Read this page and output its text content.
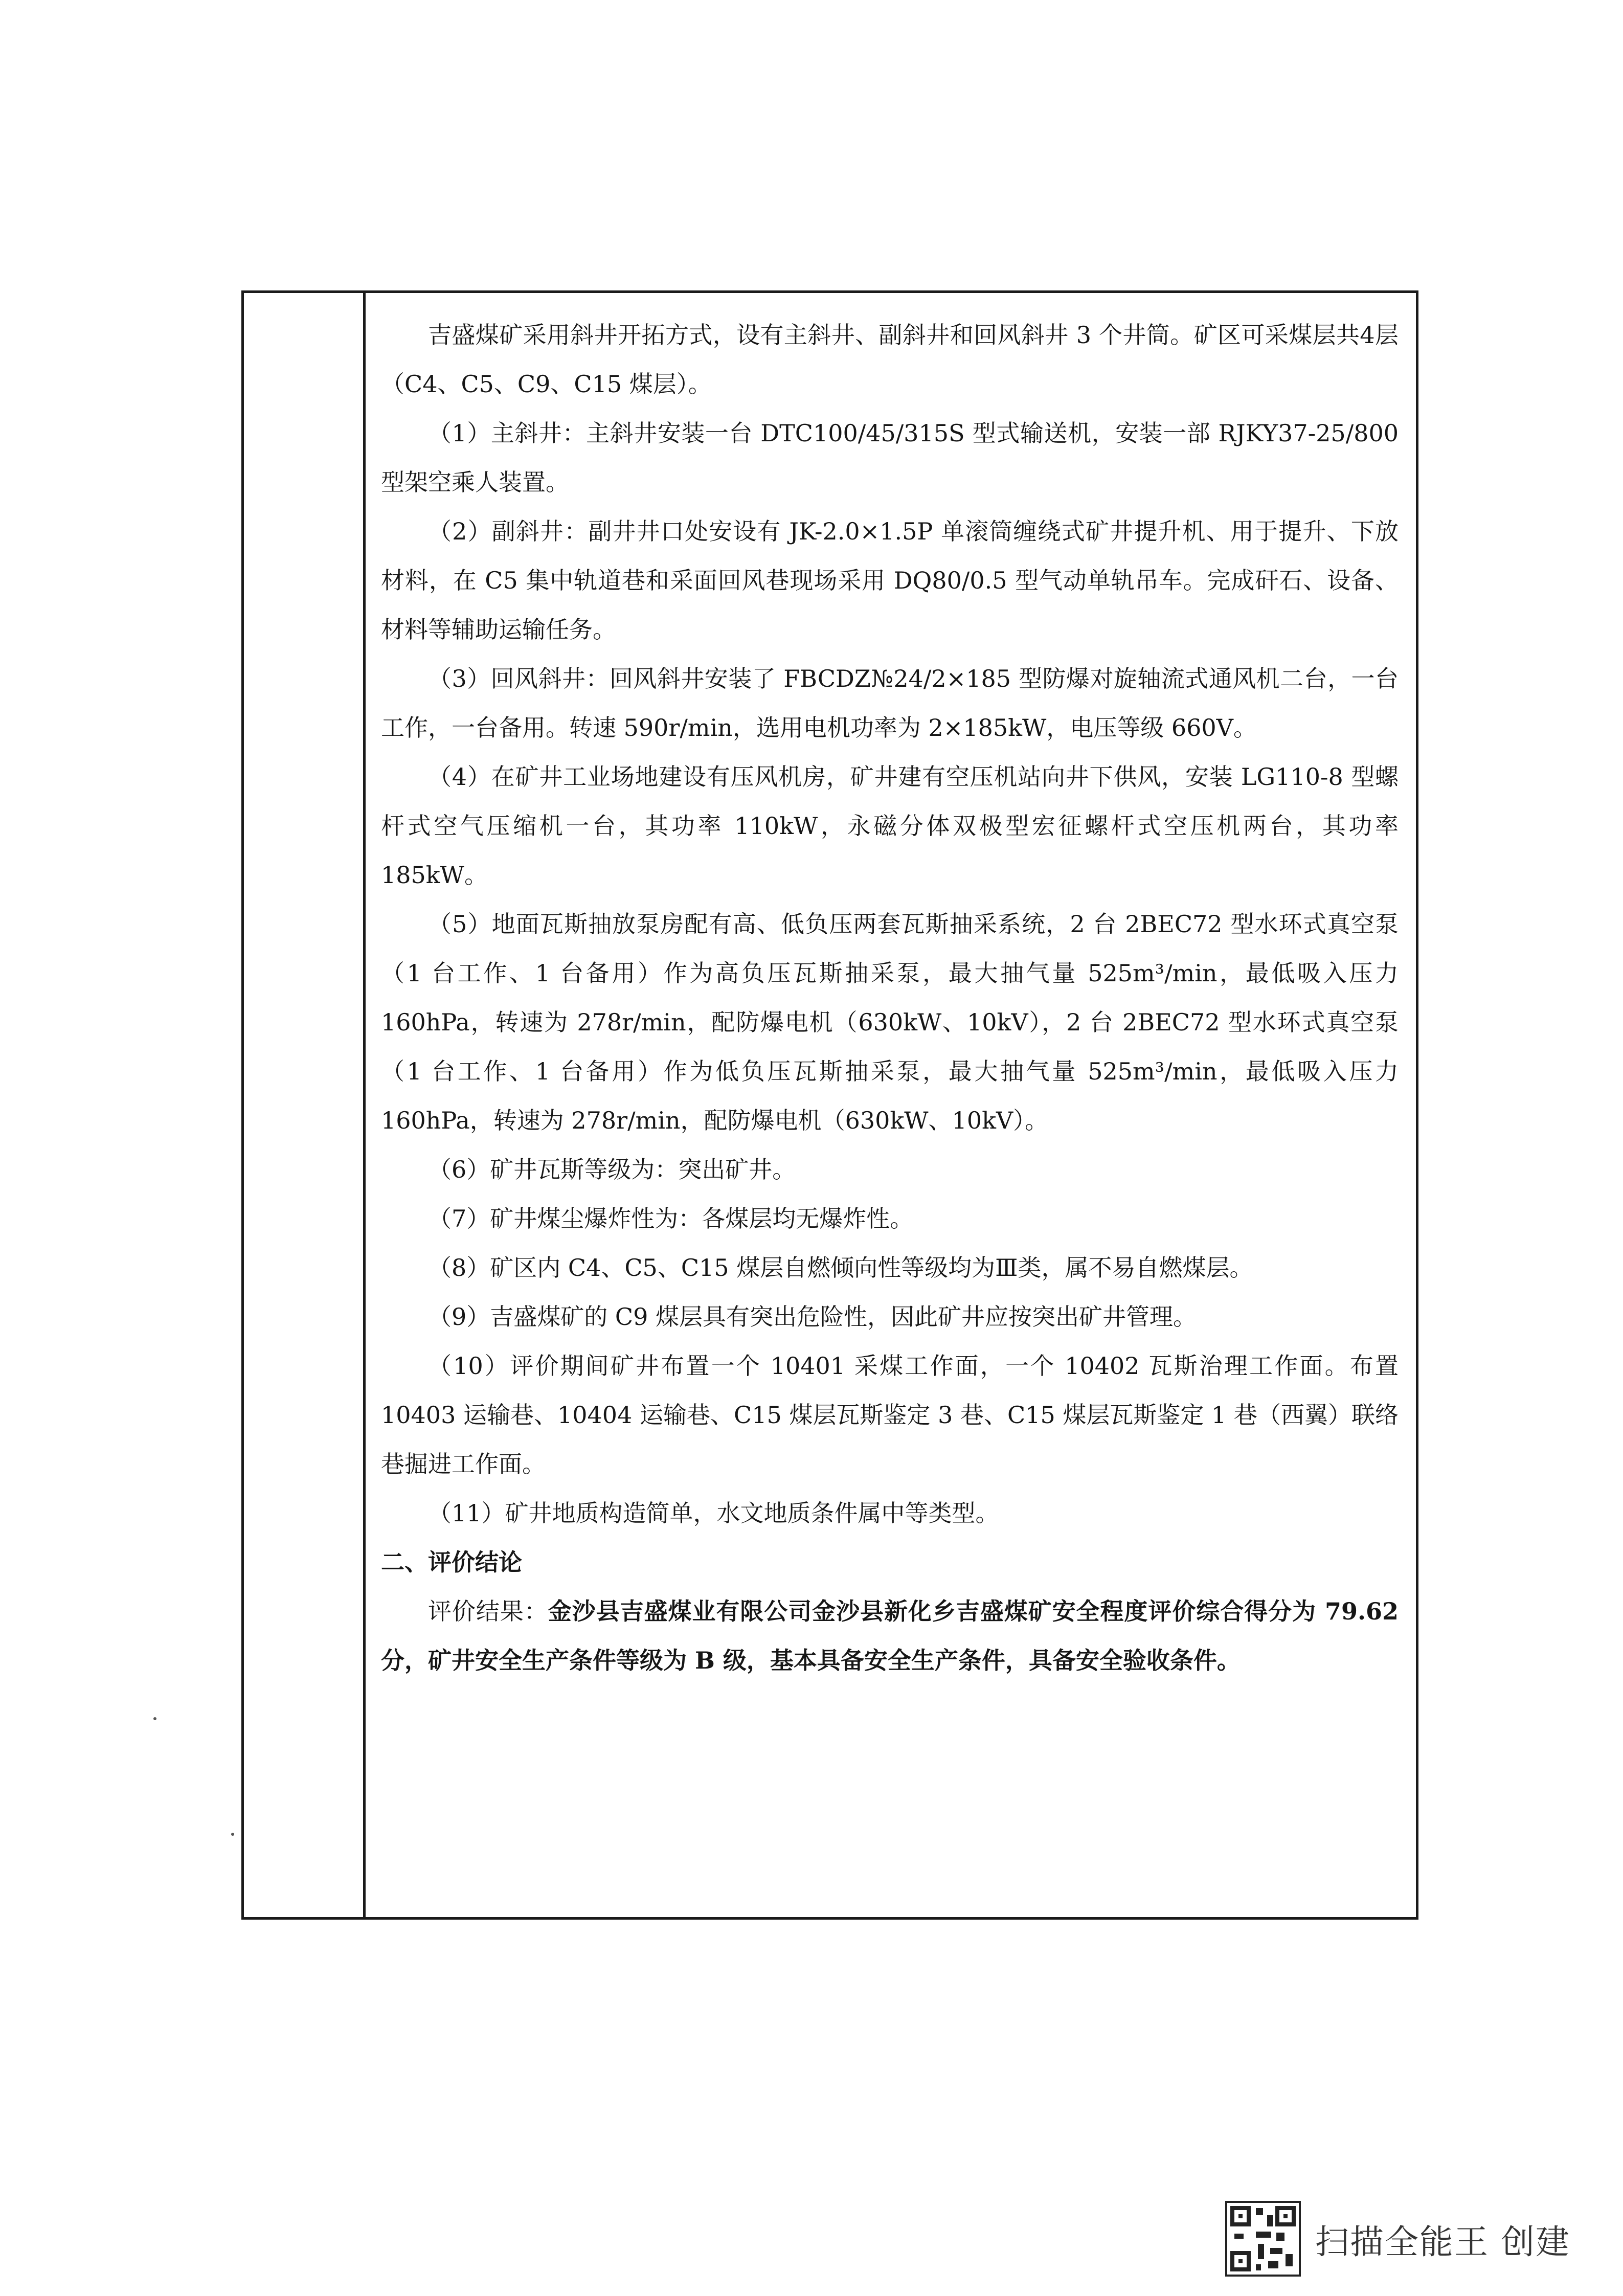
吉盛煤矿采用斜井开拓方式，设有主斜井、副斜井和回风斜井 3 个井筒。矿区可采煤层共4层（C4、C5、C9、C15 煤层）。

（1）主斜井：主斜井安装一台 DTC100/45/315S 型式输送机，安装一部 RJKY37-25/800 型架空乘人装置。

（2）副斜井：副井井口处安设有 JK-2.0×1.5P 单滚筒缠绕式矿井提升机、用于提升、下放材料，在 C5 集中轨道巷和采面回风巷现场采用 DQ80/0.5 型气动单轨吊车。完成矸石、设备、材料等辅助运输任务。

（3）回风斜井：回风斜井安装了 FBCDZ№24/2×185 型防爆对旋轴流式通风机二台，一台工作，一台备用。转速 590r/min，选用电机功率为 2×185kW，电压等级 660V。

（4）在矿井工业场地建设有压风机房，矿井建有空压机站向井下供风，安装 LG110-8 型螺杆式空气压缩机一台，其功率 110kW，永磁分体双极型宏征螺杆式空压机两台，其功率 185kW。

（5）地面瓦斯抽放泵房配有高、低负压两套瓦斯抽采系统，2 台 2BEC72 型水环式真空泵（1 台工作、1 台备用）作为高负压瓦斯抽采泵，最大抽气量 525m³/min，最低吸入压力 160hPa，转速为 278r/min，配防爆电机（630kW、10kV），2 台 2BEC72 型水环式真空泵（1 台工作、1 台备用）作为低负压瓦斯抽采泵，最大抽气量 525m³/min，最低吸入压力 160hPa，转速为 278r/min，配防爆电机（630kW、10kV）。

（6）矿井瓦斯等级为：突出矿井。

（7）矿井煤尘爆炸性为：各煤层均无爆炸性。

（8）矿区内 C4、C5、C15 煤层自燃倾向性等级均为Ⅲ类，属不易自燃煤层。

（9）吉盛煤矿的 C9 煤层具有突出危险性，因此矿井应按突出矿井管理。

（10）评价期间矿井布置一个 10401 采煤工作面，一个 10402 瓦斯治理工作面。布置 10403 运输巷、10404 运输巷、C15 煤层瓦斯鉴定 3 巷、C15 煤层瓦斯鉴定 1 巷（西翼）联络巷掘进工作面。

（11）矿井地质构造简单，水文地质条件属中等类型。

二、评价结论

评价结果：金沙县吉盛煤业有限公司金沙县新化乡吉盛煤矿安全程度评价综合得分为 79.62 分，矿井安全生产条件等级为 B 级，基本具备安全生产条件，具备安全验收条件。

扫描全能王 创建
